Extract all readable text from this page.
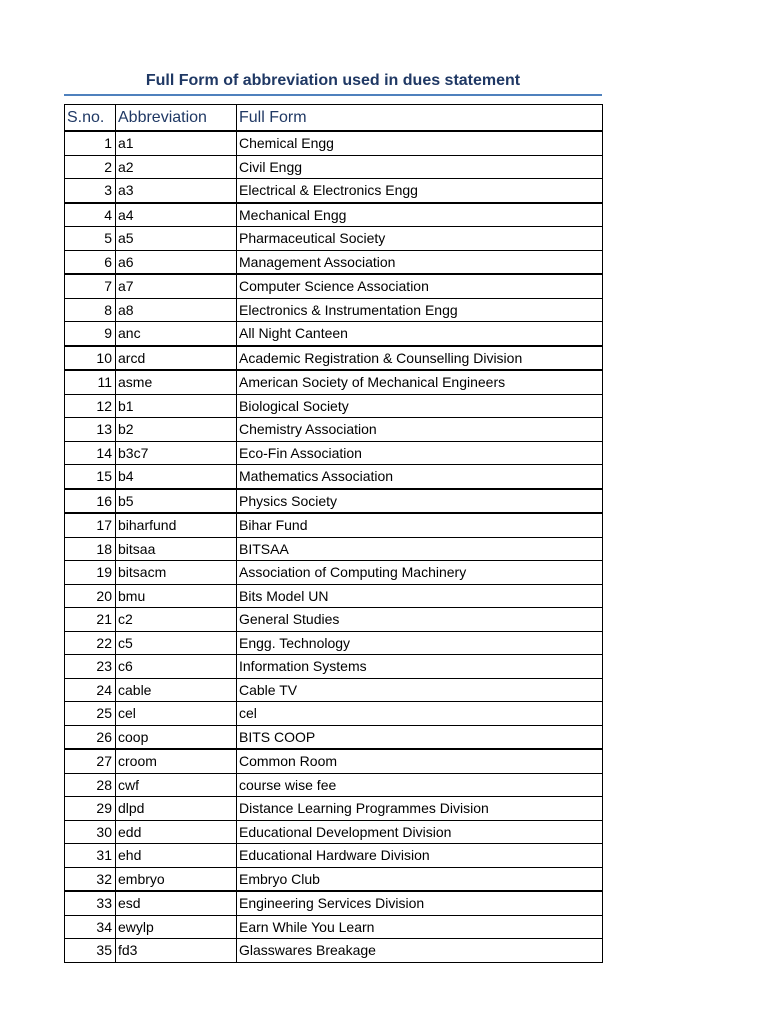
Full Form of abbreviation used in dues statement
S.no.	Abbreviation	Full Form
1	a1	Chemical Engg
2	a2	Civil Engg
3	a3	Electrical & Electronics Engg
4	a4	Mechanical Engg
5	a5	Pharmaceutical Society
6	a6	Management Association
7	a7	Computer Science Association
8	a8	Electronics & Instrumentation Engg
9	anc	All Night Canteen
10	arcd	Academic Registration & Counselling Division
11	asme	American Society of Mechanical Engineers
12	b1	Biological Society
13	b2	Chemistry Association
14	b3c7	Eco-Fin Association
15	b4	Mathematics Association
16	b5	Physics Society
17	biharfund	Bihar Fund
18	bitsaa	BITSAA
19	bitsacm	Association of Computing Machinery
20	bmu	Bits Model UN
21	c2	General Studies
22	c5	Engg. Technology
23	c6	Information Systems
24	cable	Cable TV
25	cel	cel
26	coop	BITS COOP
27	croom	Common Room
28	cwf	course wise fee
29	dlpd	Distance Learning Programmes Division
30	edd	Educational Development Division
31	ehd	Educational Hardware Division
32	embryo	Embryo Club
33	esd	Engineering Services Division
34	ewylp	Earn While You Learn
35	fd3	Glasswares Breakage
